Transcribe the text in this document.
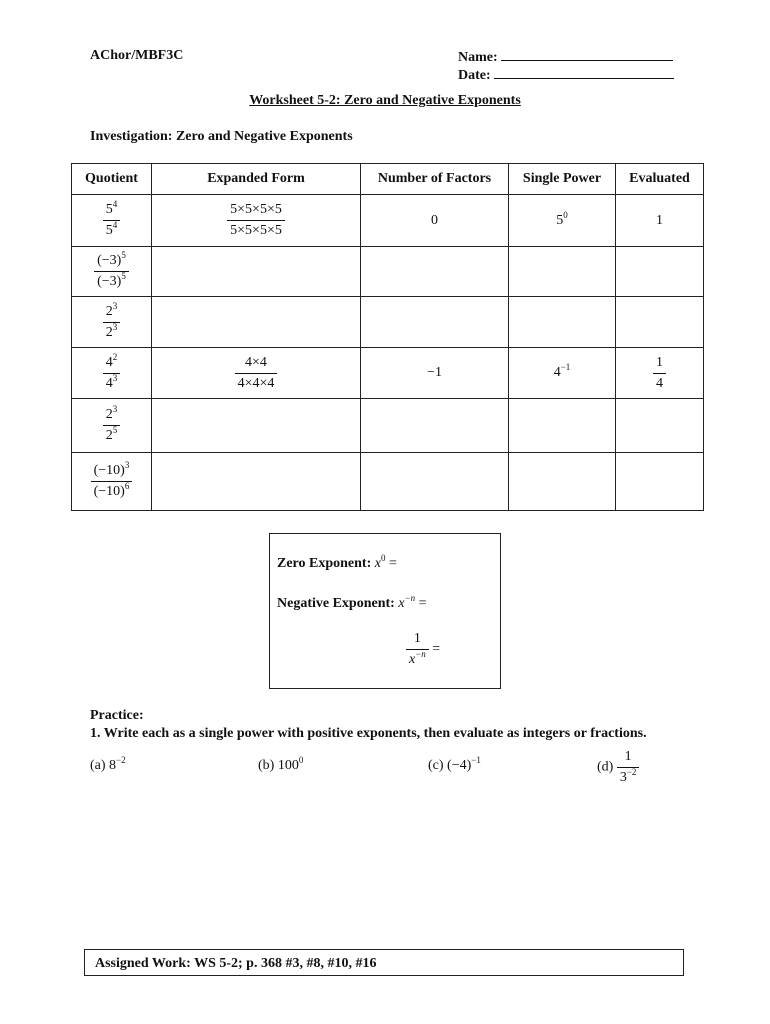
AChor/MBF3C	Name:
Date:
Worksheet 5-2: Zero and Negative Exponents
Investigation: Zero and Negative Exponents
Quotient	Expanded Form	Number of Factors	Single Power	Evaluated

$\frac{5^4}{5^4}$	$\frac{5\times 5\times 5\times 5}{5\times 5\times 5\times 5}$	0	$5^0$	1

$\frac{(-3)^5}{(-3)^5}$

$\frac{2^3}{2^3}$

$\frac{4^2}{4^3}$	$\frac{4\times 4}{4\times 4\times 4}$	−1	$4^{-1}$	$\frac{1}{4}$

$\frac{2^3}{2^5}$

$\frac{(-10)^3}{(-10)^6}$

Zero Exponent: $x^0$ =
Negative Exponent: $x^{-n}$ =
$\frac{1}{x^{-n}}$ =
Practice:
1. Write each as a single power with positive exponents, then evaluate as integers or fractions.
(a) $8^{-2}$	(b) $100^0$	(c) $(-4)^{-1}$	$(d) \frac{1}{3^{-2}}$
Assigned Work: WS 5-2; p. 368 #3, #8, #10, #16
